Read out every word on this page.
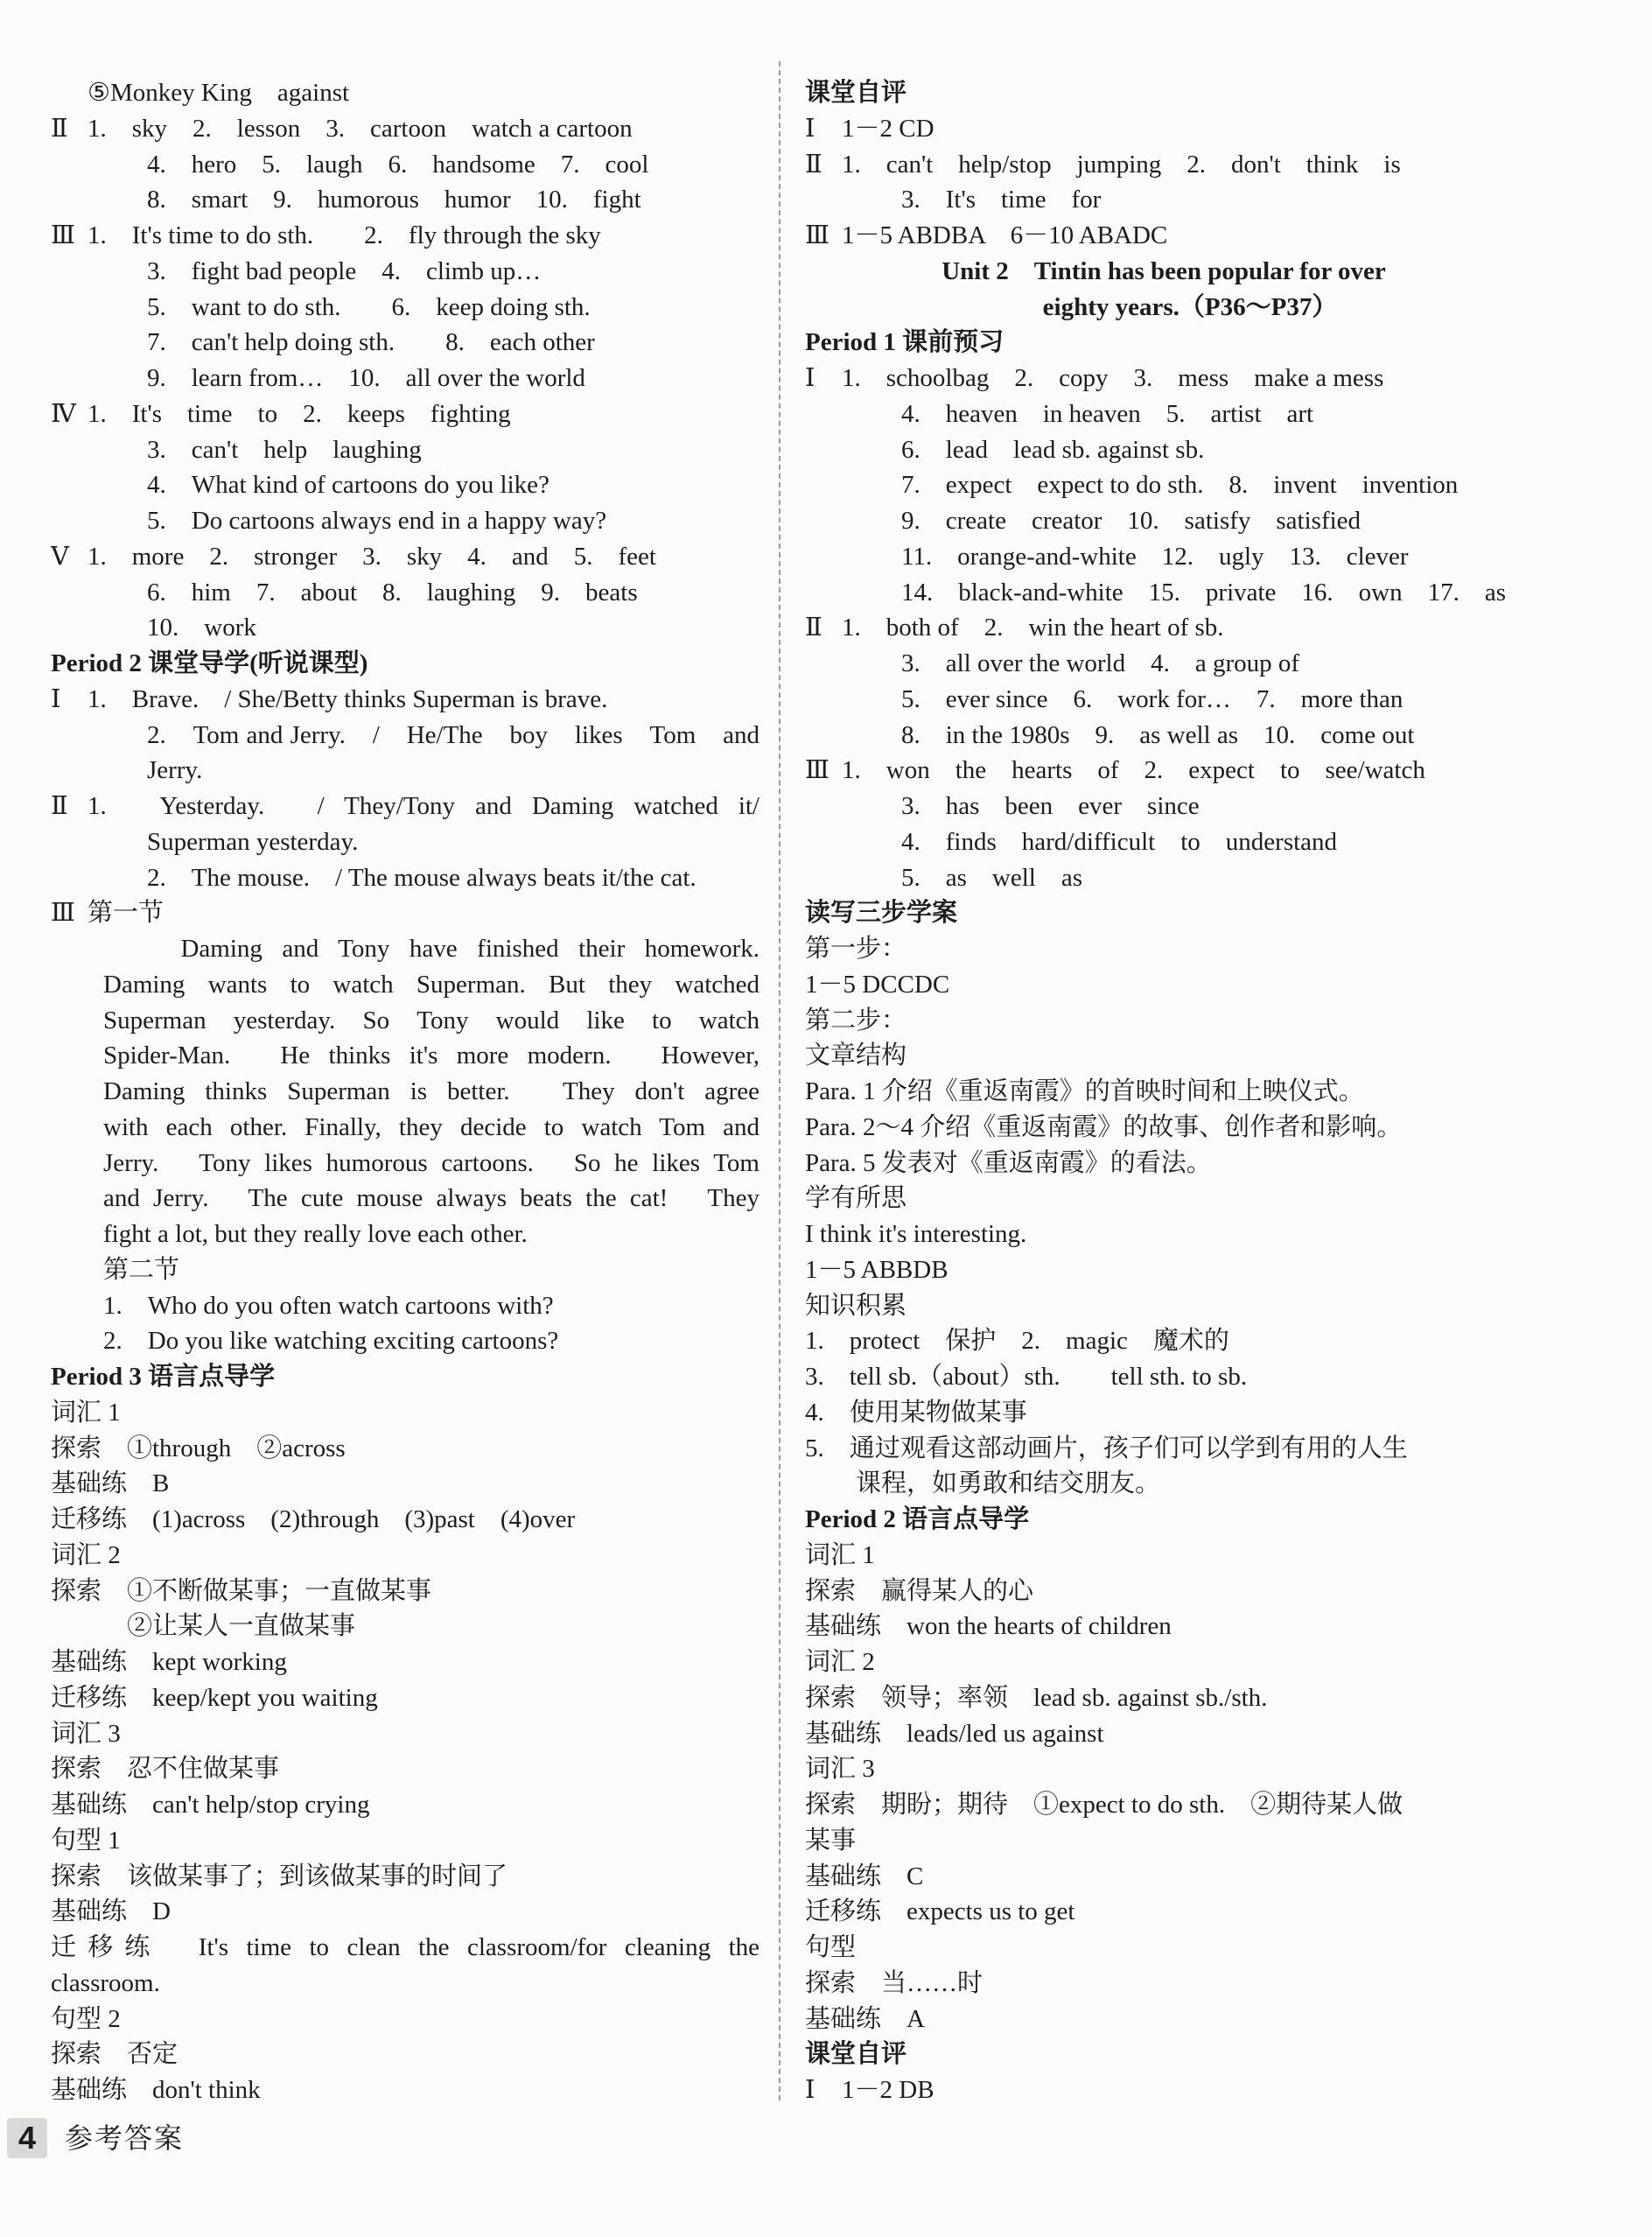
⑤Monkey King　against
Ⅱ 1.　sky　2.　lesson　3.　cartoon　watch a cartoon
4.　hero　5.　laugh　6.　handsome　7.　cool
8.　smart　9.　humorous　humor　10.　fight
Ⅲ 1.　It's time to do sth.　　2.　fly through the sky
3.　fight bad people　4.　climb up…
5.　want to do sth.　　6.　keep doing sth.
7.　can't help doing sth.　　8.　each other
9.　learn from…　10.　all over the world
Ⅳ 1.　It's　time　to　2.　keeps　fighting
3.　can't　help　laughing
4.　What kind of cartoons do you like?
5.　Do cartoons always end in a happy way?
Ⅴ 1.　more　2.　stronger　3.　sky　4.　and　5.　feet
6.　him　7.　about　8.　laughing　9.　beats
10.　work
Period 2 课堂导学(听说课型)
Ⅰ	1.　Brave.　/ She/Betty thinks Superman is brave.
2.　Tom and Jerry.　/　He/The　boy　likes　Tom　and
Jerry.
Ⅱ 1.　Yesterday.　/ They/Tony and Daming watched it/
Superman yesterday.
2.　The mouse.　/ The mouse always beats it/the cat.
Ⅲ 第一节
　　Daming and Tony have finished their homework.
Daming wants to watch Superman. But they watched
Superman　yesterday.　So　Tony　would　like　to　watch
Spider-Man.　He thinks it's more modern.　However,
Daming thinks Superman is better.　They don't agree
with each other. Finally, they decide to watch Tom and
Jerry.　Tony likes humorous cartoons.　So he likes Tom
and Jerry.　The cute mouse always beats the cat!　They
fight a lot, but they really love each other.
第二节
1.　Who do you often watch cartoons with?
2.　Do you like watching exciting cartoons?
Period 3 语言点导学
词汇 1
探索　①through　②across
基础练　B
迁移练　(1)across　(2)through　(3)past　(4)over
词汇 2
探索　①不断做某事；一直做某事
　　　②让某人一直做某事
基础练　kept working
迁移练　keep/kept you waiting
词汇 3
探索　忍不住做某事
基础练　can't help/stop crying
句型 1
探索　该做某事了；到该做某事的时间了
基础练　D
迁移练　It's time to clean the classroom/for cleaning the
classroom.
句型 2
探索　否定
基础练　don't think
课堂自评
Ⅰ	1－2 CD
Ⅱ 1.　can't　help/stop　jumping　2.　don't　think　is
3.　It's　time　for
Ⅲ 1－5 ABDBA　6－10 ABADC
Unit 2　Tintin has been popular for over
eighty years.（P36～P37）
Period 1 课前预习
Ⅰ	1.　schoolbag　2.　copy　3.　mess　make a mess
4.　heaven　in heaven　5.　artist　art
6.　lead　lead sb. against sb.
7.　expect　expect to do sth.　8.　invent　invention
9.　create　creator　10.　satisfy　satisfied
11.　orange-and-white　12.　ugly　13.　clever
14.　black-and-white　15.　private　16.　own　17.　as
Ⅱ 1.　both of　2.　win the heart of sb.
3.　all over the world　4.　a group of
5.　ever since　6.　work for…　7.　more than
8.　in the 1980s　9.　as well as　10.　come out
Ⅲ 1.　won　the　hearts　of　2.　expect　to　see/watch
3.　has　been　ever　since
4.　finds　hard/difficult　to　understand
5.　as　well　as
读写三步学案
第一步：
1－5 DCCDC
第二步：
文章结构
Para. 1 介绍《重返南霞》的首映时间和上映仪式。
Para. 2～4 介绍《重返南霞》的故事、创作者和影响。
Para. 5 发表对《重返南霞》的看法。
学有所思
I think it's interesting.
1－5 ABBDB
知识积累
1.　protect　保护　2.　magic　魔术的
3.　tell sb.（about）sth.　　tell sth. to sb.
4.　使用某物做某事
5.　通过观看这部动画片，孩子们可以学到有用的人生
　　课程，如勇敢和结交朋友。
Period 2 语言点导学
词汇 1
探索　赢得某人的心
基础练　won the hearts of children
词汇 2
探索　领导；率领　lead sb. against sb./sth.
基础练　leads/led us against
词汇 3
探索　期盼；期待　①expect to do sth.　②期待某人做
某事
基础练　C
迁移练　expects us to get
句型
探索　当……时
基础练　A
课堂自评
Ⅰ	1－2 DB
4	参考答案
